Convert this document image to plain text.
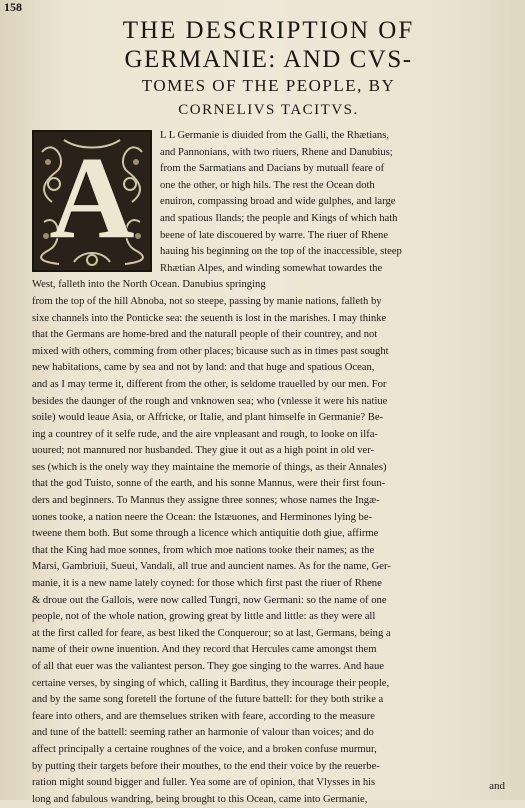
158
THE DESCRIPTION OF
GERMANIE: AND CVS-
TOMES OF THE PEOPLE, BY
CORNELIVS TACITVS.
A	L L Germanie is diuided from the Galli, the Rhætians,
and Pannonians, with two riuers, Rhene and Danubius;
from the Sarmatians and Dacians by mutuall feare of
one the other, or high hils. The rest the Ocean doth
enuiron, compassing broad and wide gulphes, and large
and spatious Ilands; the people and Kings of which hath
beene of late discouered by warre. The riuer of Rhene
hauing his beginning on the top of the inaccessible, steep
Rhætian Alpes, and winding somewhat towardes the
West, falleth into the North Ocean. Danubius springing
from the top of the hill Abnoba, not so steepe, passing by manie nations, falleth by
sixe channels into the Ponticke sea: the seuenth is lost in the marishes. I may thinke
that the Germans are home-bred and the naturall people of their countrey, and not
mixed with others, comming from other places; bicause such as in times past sought
new habitations, came by sea and not by land: and that huge and spatious Ocean,
and as I may terme it, different from the other, is seldome trauelled by our men. For
besides the daunger of the rough and vnknowen sea; who (vnlesse it were his natiue
soile) would leaue Asia, or Affricke, or Italie, and plant himselfe in Germanie? Be-
ing a countrey of it selfe rude, and the aire vnpleasant and rough, to looke on ilfa-
uoured; not mannured nor husbanded. They giue it out as a high point in old ver-
ses (which is the onely way they maintaine the memorie of things, as their Annales)
that the god Tuisto, sonne of the earth, and his sonne Mannus, were their first foun-
ders and beginners. To Mannus they assigne three sonnes; whose names the Ingæ-
uones tooke, a nation neere the Ocean: the Istæuones, and Herminones lying be-
tweene them both. But some through a licence which antiquitie doth giue, affirme
that the King had moe sonnes, from which moe nations tooke their names; as the
Marsi, Gambriuii, Sueui, Vandali, all true and auncient names. As for the name, Ger-
manie, it is a new name lately coyned: for those which first past the riuer of Rhene
& droue out the Gallois, were now called Tungri, now Germani: so the name of one
people, not of the whole nation, growing great by little and little: as they were all
at the first called for feare, as best liked the Conquerour; so at last, Germans, being a
name of their owne inuention. And they record that Hercules came amongst them
of all that euer was the valiantest person. They goe singing to the warres. And haue
certaine verses, by singing of which, calling it Barditus, they incourage their people,
and by the same song foretell the fortune of the future battell: for they both strike a
feare into others, and are themselues striken with feare, according to the measure
and tune of the battell: seeming rather an harmonie of valour than voices; and do
affect principally a certaine roughnes of the voice, and a broken confuse murmur,
by putting their targets before their mouthes, to the end their voice by the reuerbe-
ration might sound bigger and fuller. Yea some are of opinion, that Vlysses in his
long and fabulous wandring, being brought to this Ocean, came into Germanie,
and
